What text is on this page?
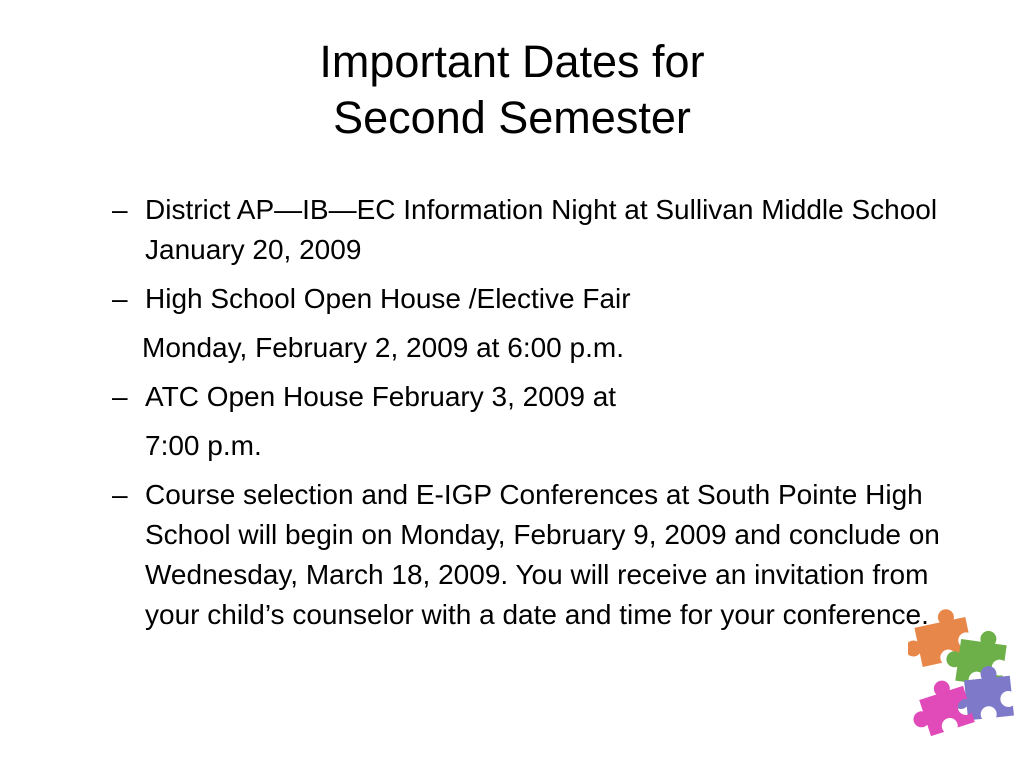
Important Dates for
Second Semester
– District AP—IB—EC Information Night at Sullivan Middle School January 20, 2009
– High School Open House /Elective Fair
Monday, February 2, 2009 at 6:00 p.m.
– ATC Open House February 3, 2009 at
7:00 p.m.
– Course selection and E-IGP Conferences at South Pointe High School will begin on Monday, February 9, 2009 and conclude on Wednesday, March 18, 2009. You will receive an invitation from your child’s counselor with a date and time for your conference.
